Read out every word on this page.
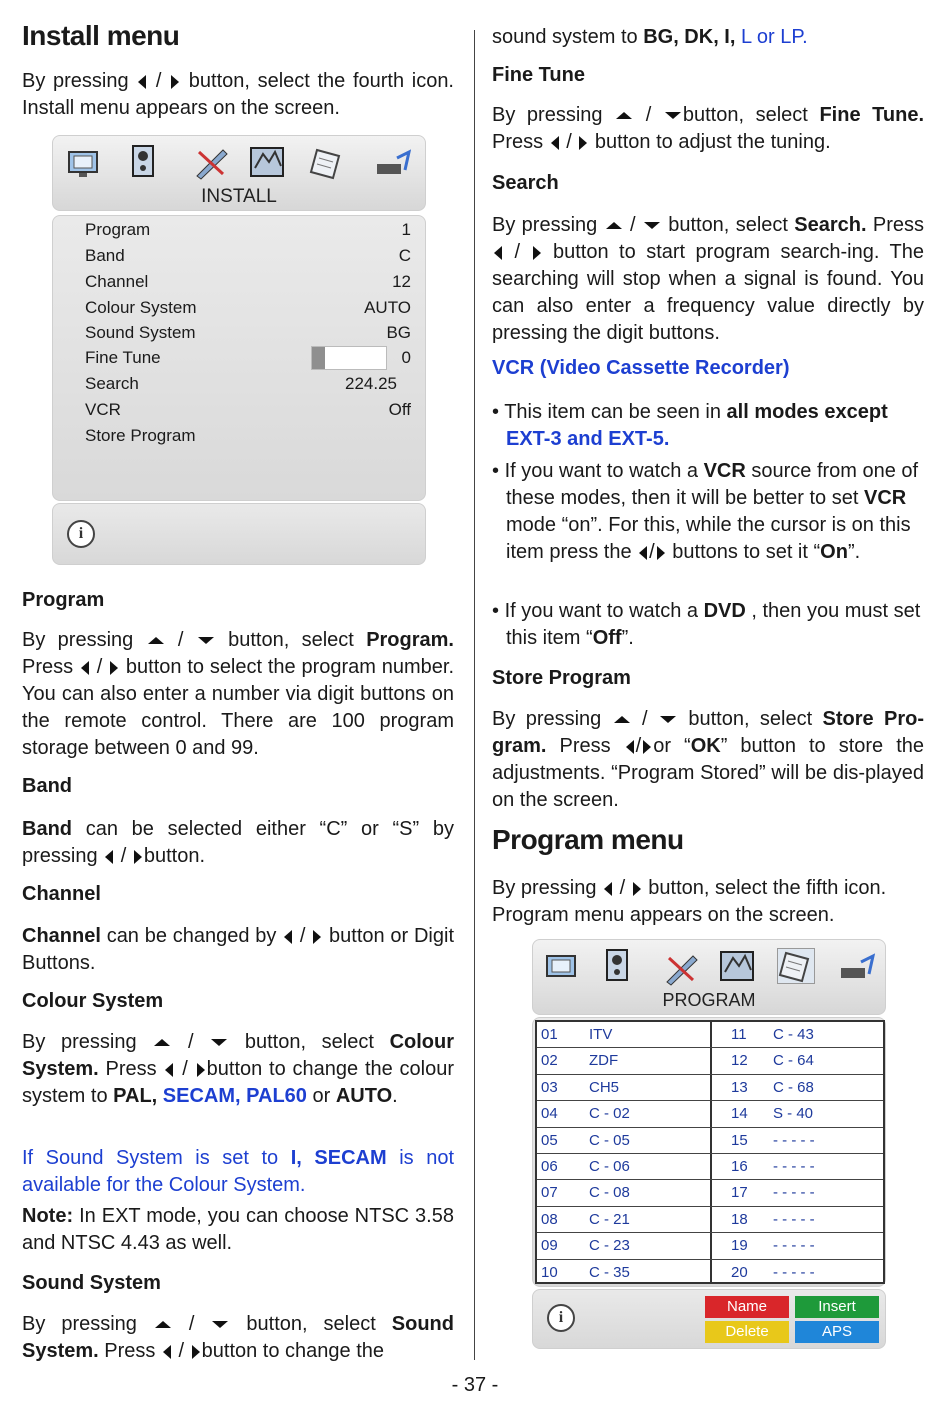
Install menu
By pressing  /  button, select the fourth icon. Install menu appears on the screen.
INSTALL
Program	1
Band	C
Channel	12
Colour System	AUTO
Sound System	BG
Fine Tune	0
Search	224.25
VCR	Off
Store Program
i
Program
By pressing  /  button, select Program. Press  /  button to select the program number. You can also enter a number via digit buttons on the remote control. There are 100 program storage between 0 and 99.
Band
Band can be selected either “C” or “S” by pressing  / button.
Channel
Channel can be changed by  /  button or Digit Buttons.
Colour System
By pressing  /  button, select Colour System. Press  / button to change the colour system to PAL, SECAM, PAL60 or AUTO.
If Sound System is set to I, SECAM is not available for the Colour System.
Note: In EXT mode, you can choose NTSC 3.58 and NTSC 4.43 as well.
Sound System
By pressing  /  button, select Sound System. Press  / button to change the
sound system to BG, DK, I, L or LP.
Fine Tune
By pressing  / button, select Fine Tune. Press  /  button to adjust the tuning.
Search
By pressing  /  button, select Search. Press  /  button to start program search-ing. The searching will stop when a signal is found. You can also enter a frequency value directly by pressing the digit buttons.
VCR (Video Cassette Recorder)
• This item can be seen in all modes except EXT-3 and EXT-5.
• If you want to watch a VCR source from one of these modes, then it will be better to set VCR mode “on”. For this, while the cursor is on this item press the / buttons to set it “On”.
• If you want to watch a DVD , then you must set this item “Off”.
Store Program
By pressing  /  button, select Store Pro-gram. Press / or “OK” button to store the adjustments. “Program Stored” will be dis-played on the screen.
Program menu
By pressing  /  button, select the fifth icon. Program menu appears on the screen.
PROGRAM
01 ITV	11 C - 43
02 ZDF	12 C - 64
03 CH5	13 C - 68
04 C - 02	14 S - 40
05 C - 05	15 - - - - -
06 C - 06	16 - - - - -
07 C - 08	17 - - - - -
08 C - 21	18 - - - - -
09 C - 23	19 - - - - -
10 C - 35	20 - - - - -
i
Name	Insert
Delete	APS
- 37 -
